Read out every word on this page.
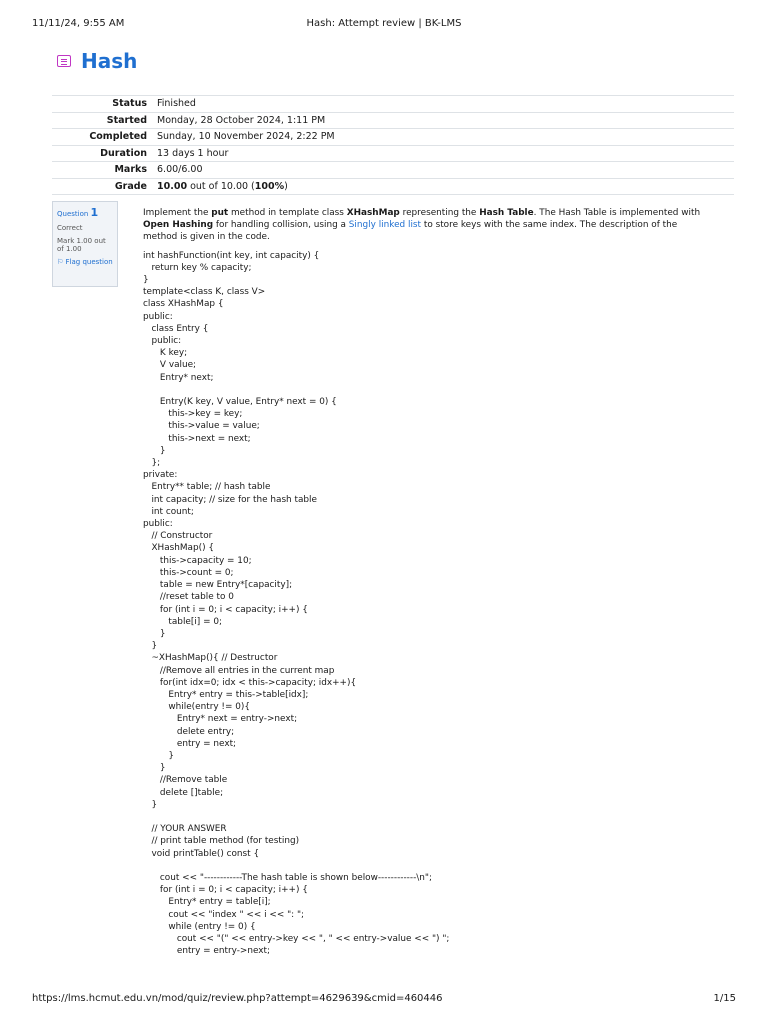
11/11/24, 9:55 AM	Hash: Attempt review | BK-LMS
Hash
Status	Finished
Started	Monday, 28 October 2024, 1:11 PM
Completed	Sunday, 10 November 2024, 2:22 PM
Duration	13 days 1 hour
Marks	6.00/6.00
Grade	10.00 out of 10.00 (100%)
Question 1
Correct
Mark 1.00 out of 1.00
⚐ Flag question

Implement the put method in template class XHashMap representing the Hash Table. The Hash Table is implemented with Open Hashing for handling collision, using a Singly linked list to store keys with the same index. The description of the method is given in the code.

int hashFunction(int key, int capacity) {
return key % capacity;
}
template<class K, class V>
class XHashMap {
public:
class Entry {
public:
K key;
V value;
Entry* next;

Entry(K key, V value, Entry* next = 0) {
this->key = key;
this->value = value;
this->next = next;
}
};
private:
Entry** table; // hash table
int capacity; // size for the hash table
int count;
public:
// Constructor
XHashMap() {
this->capacity = 10;
this->count = 0;
table = new Entry*[capacity];
//reset table to 0
for (int i = 0; i < capacity; i++) {
table[i] = 0;
}
}
~XHashMap(){ // Destructor
//Remove all entries in the current map
for(int idx=0; idx < this->capacity; idx++){
Entry* entry = this->table[idx];
while(entry != 0){
Entry* next = entry->next;
delete entry;
entry = next;
}
}
//Remove table
delete []table;
}

// YOUR ANSWER
// print table method (for testing)
void printTable() const {

cout << "------------The hash table is shown below------------\n";
for (int i = 0; i < capacity; i++) {
Entry* entry = table[i];
cout << "index " << i << ": ";
while (entry != 0) {
cout << "(" << entry->key << ", " << entry->value << ") ";
entry = entry->next;
https://lms.hcmut.edu.vn/mod/quiz/review.php?attempt=4629639&cmid=460446	1/15
